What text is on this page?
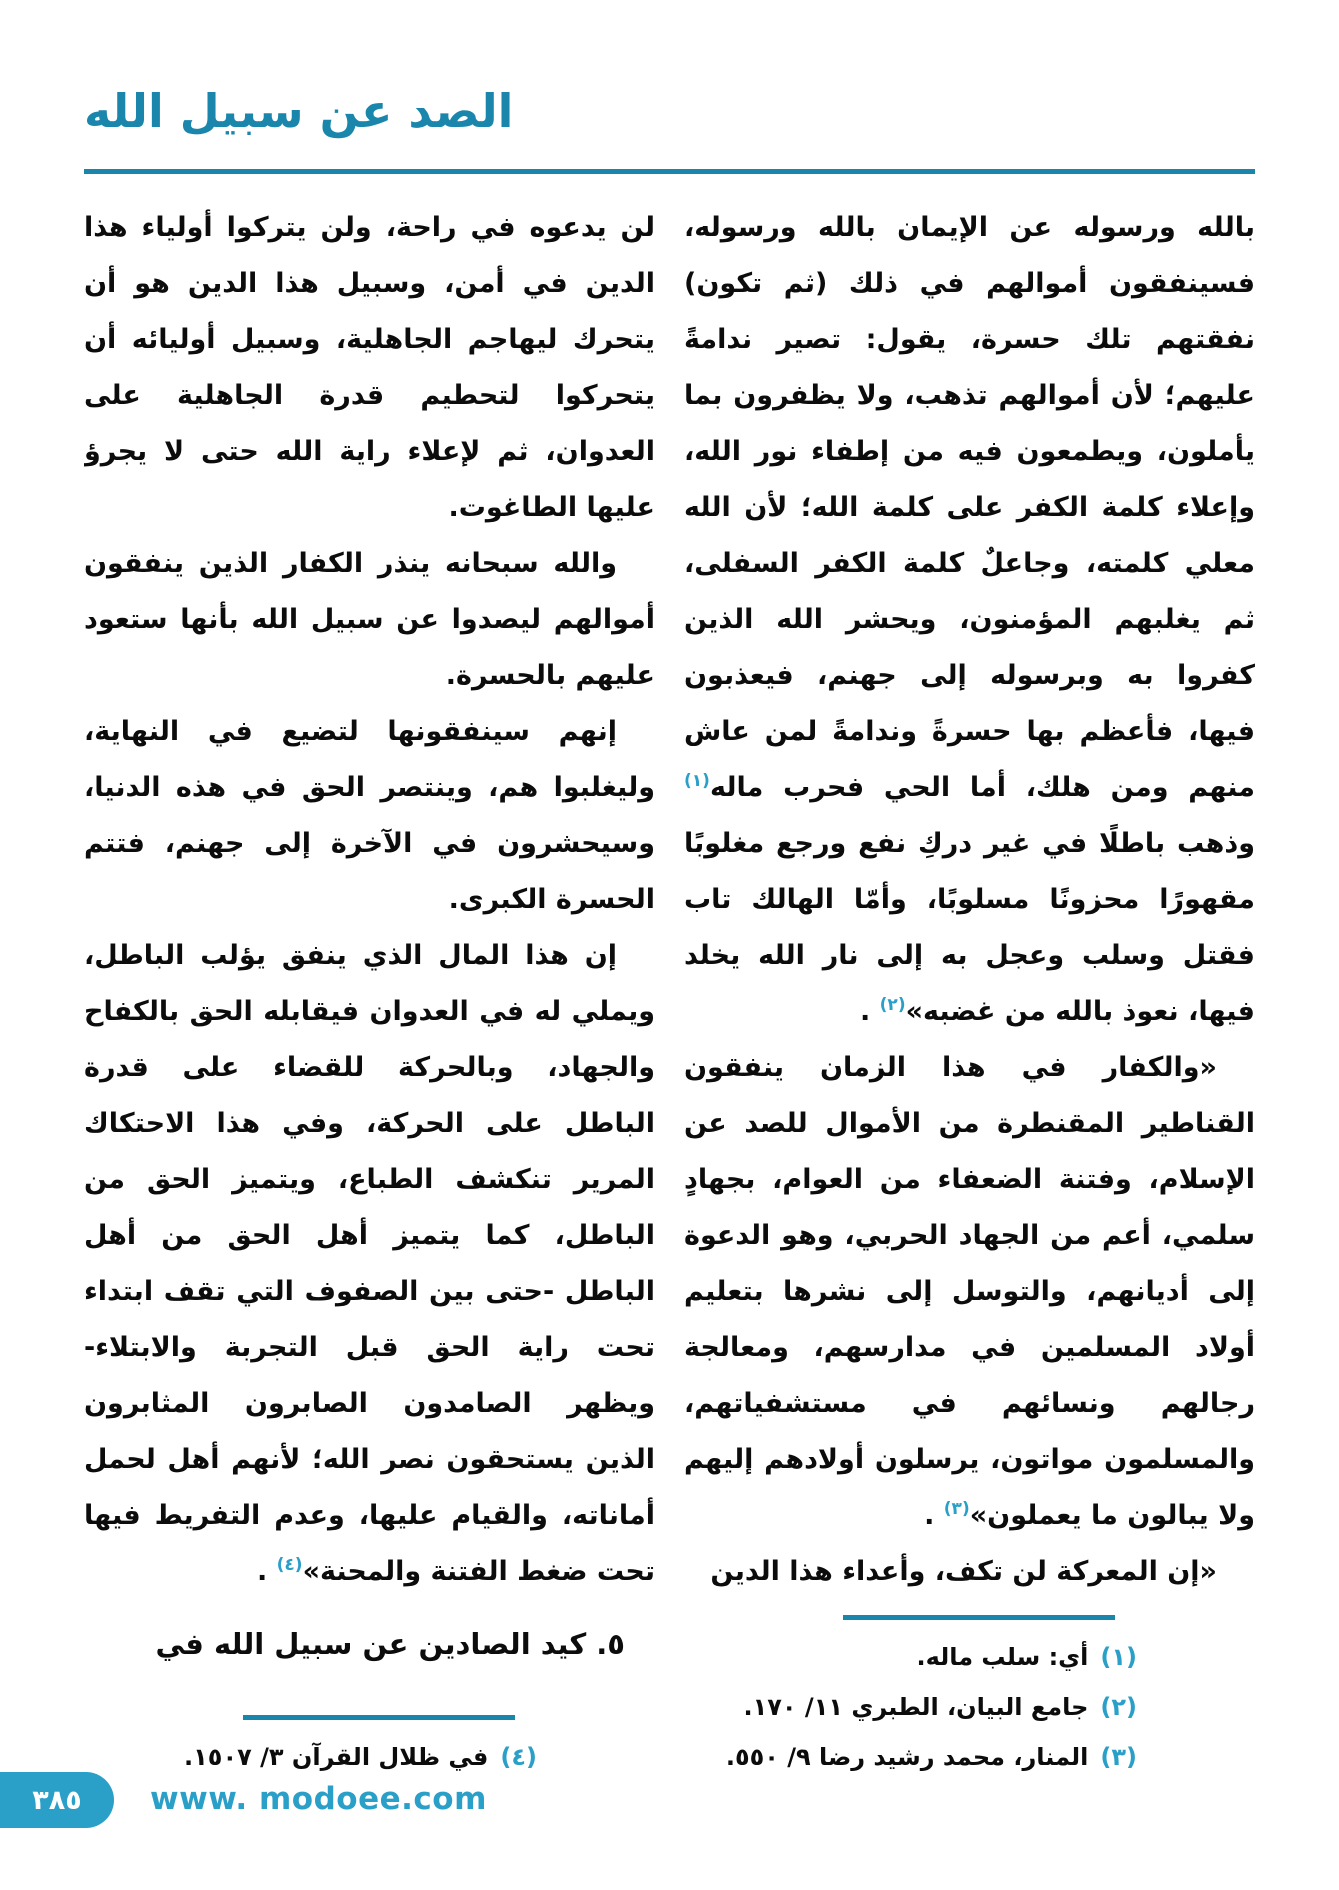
الصد عن سبيل الله

بالله ورسوله عن الإيمان بالله ورسوله، فسينفقون أموالهم في ذلك (ثم تكون) نفقتهم تلك حسرة، يقول: تصير ندامةً عليهم؛ لأن أموالهم تذهب، ولا يظفرون بما يأملون، ويطمعون فيه من إطفاء نور الله، وإعلاء كلمة الكفر على كلمة الله؛ لأن الله معلي كلمته، وجاعلٌ كلمة الكفر السفلى، ثم يغلبهم المؤمنون، ويحشر الله الذين كفروا به وبرسوله إلى جهنم، فيعذبون فيها، فأعظم بها حسرةً وندامةً لمن عاش منهم ومن هلك، أما الحي فحرب ماله$^{(١)}$ وذهب باطلًا في غير دركِ نفع ورجع مغلوبًا مقهورًا محزونًا مسلوبًا، وأمّا الهالك تاب فقتل وسلب وعجل به إلى نار الله يخلد فيها، نعوذ بالله من غضبه»$^{(٢)}$ .

«والكفار في هذا الزمان ينفقون القناطير المقنطرة من الأموال للصد عن الإسلام، وفتنة الضعفاء من العوام، بجهادٍ سلمي، أعم من الجهاد الحربي، وهو الدعوة إلى أديانهم، والتوسل إلى نشرها بتعليم أولاد المسلمين في مدارسهم، ومعالجة رجالهم ونسائهم في مستشفياتهم، والمسلمون مواتون، يرسلون أولادهم إليهم ولا يبالون ما يعملون»$^{(٣)}$ .

«إن المعركة لن تكف، وأعداء هذا الدين

(١)أي: سلب ماله.
(٢)جامع البيان، الطبري ١١/ ١٧٠.
(٣)المنار، محمد رشيد رضا ٩/ ٥٥٠.

لن يدعوه في راحة، ولن يتركوا أولياء هذا الدين في أمن، وسبيل هذا الدين هو أن يتحرك ليهاجم الجاهلية، وسبيل أوليائه أن يتحركوا لتحطيم قدرة الجاهلية على العدوان، ثم لإعلاء راية الله حتى لا يجرؤ عليها الطاغوت.

والله سبحانه ينذر الكفار الذين ينفقون أموالهم ليصدوا عن سبيل الله بأنها ستعود عليهم بالحسرة.

إنهم سينفقونها لتضيع في النهاية، وليغلبوا هم، وينتصر الحق في هذه الدنيا، وسيحشرون في الآخرة إلى جهنم، فتتم الحسرة الكبرى.

إن هذا المال الذي ينفق يؤلب الباطل، ويملي له في العدوان فيقابله الحق بالكفاح والجهاد، وبالحركة للقضاء على قدرة الباطل على الحركة، وفي هذا الاحتكاك المرير تنكشف الطباع، ويتميز الحق من الباطل، كما يتميز أهل الحق من أهل الباطل -حتى بين الصفوف التي تقف ابتداء تحت راية الحق قبل التجربة والابتلاء- ويظهر الصامدون الصابرون المثابرون الذين يستحقون نصر الله؛ لأنهم أهل لحمل أماناته، والقيام عليها، وعدم التفريط فيها تحت ضغط الفتنة والمحنة»$^{(٤)}$ .

٥. كيد الصادين عن سبيل الله في

(٤)في ظلال القرآن ٣/ ١٥٠٧.
٣٨٥ www. modoee.com
